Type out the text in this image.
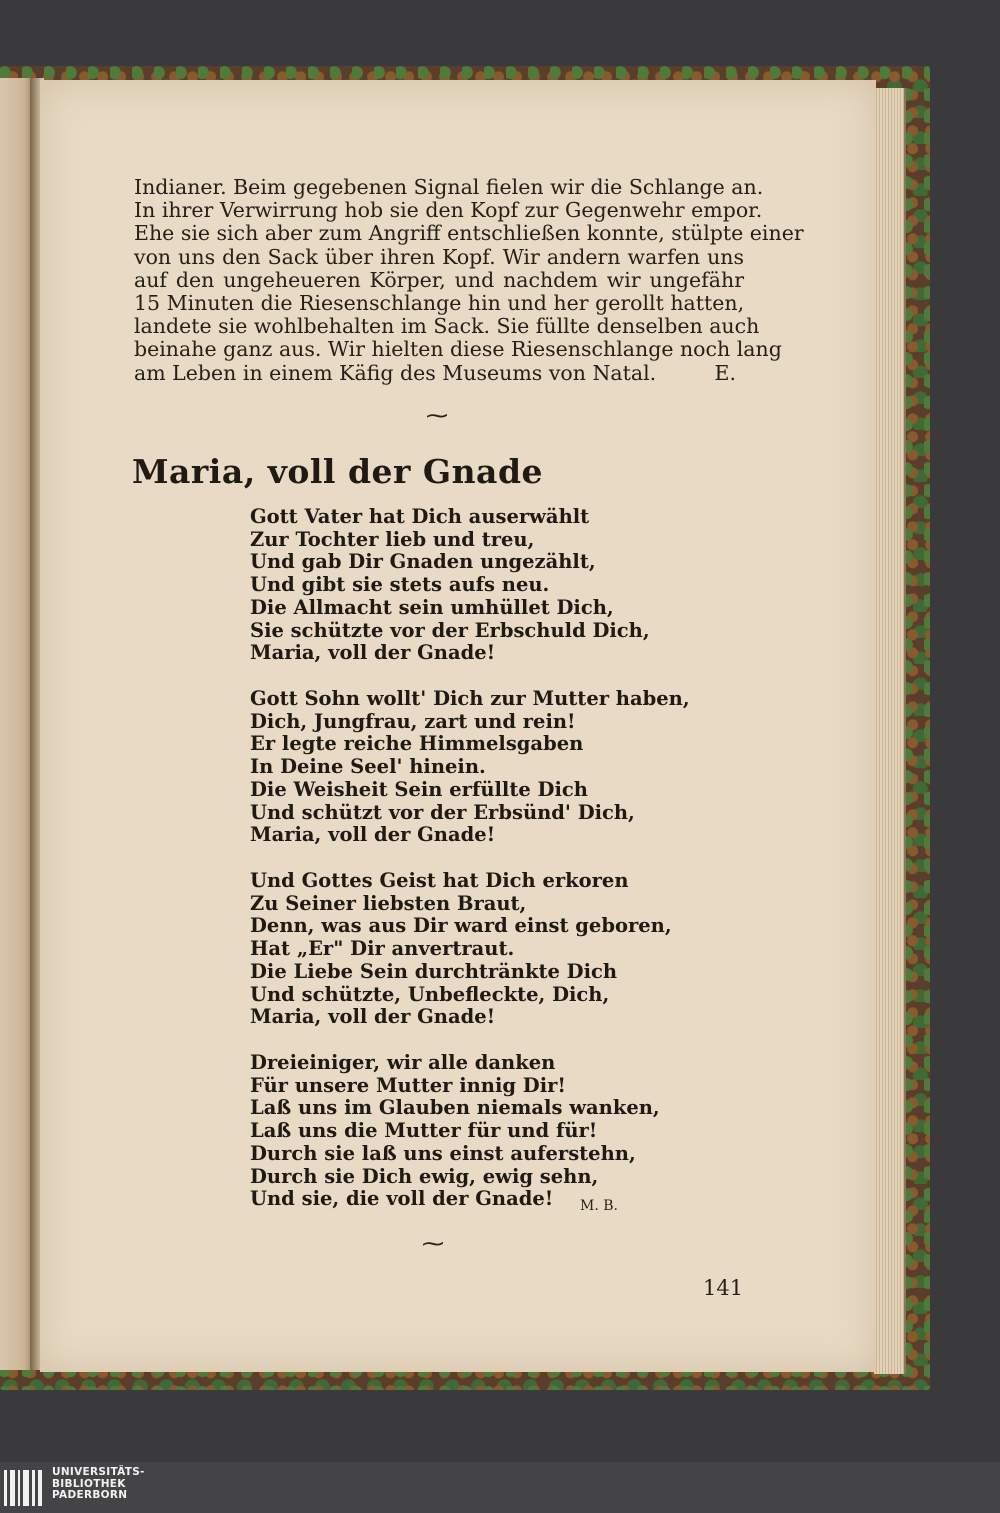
Indianer. Beim gegebenen Signal fielen wir die Schlange an.
In ihrer Verwirrung hob sie den Kopf zur Gegenwehr empor.
Ehe sie sich aber zum Angriff entschließen konnte, stülpte einer
von uns den Sack über ihren Kopf. Wir andern warfen uns
auf den ungeheueren Körper, und nachdem wir ungefähr
15 Minuten die Riesenschlange hin und her gerollt hatten,
landete sie wohlbehalten im Sack. Sie füllte denselben auch
beinahe ganz aus. Wir hielten diese Riesenschlange noch lang
am Leben in einem Käfig des Museums von Natal.	E.

⁓
Maria, voll der Gnade
Gott Vater hat Dich auserwählt
Zur Tochter lieb und treu,
Und gab Dir Gnaden ungezählt,
Und gibt sie stets aufs neu.
Die Allmacht sein umhüllet Dich,
Sie schützte vor der Erbschuld Dich,
Maria, voll der Gnade!
Gott Sohn wollt' Dich zur Mutter haben,
Dich, Jungfrau, zart und rein!
Er legte reiche Himmelsgaben
In Deine Seel' hinein.
Die Weisheit Sein erfüllte Dich
Und schützt vor der Erbsünd' Dich,
Maria, voll der Gnade!
Und Gottes Geist hat Dich erkoren
Zu Seiner liebsten Braut,
Denn, was aus Dir ward einst geboren,
Hat „Er" Dir anvertraut.
Die Liebe Sein durchtränkte Dich
Und schützte, Unbefleckte, Dich,
Maria, voll der Gnade!
Dreieiniger, wir alle danken
Für unsere Mutter innig Dir!
Laß uns im Glauben niemals wanken,
Laß uns die Mutter für und für!
Durch sie laß uns einst auferstehn,
Durch sie Dich ewig, ewig sehn,
Und sie, die voll der Gnade!	M. B.
⁓
141
UNIVERSITÄTS-
BIBLIOTHEK
PADERBORN
